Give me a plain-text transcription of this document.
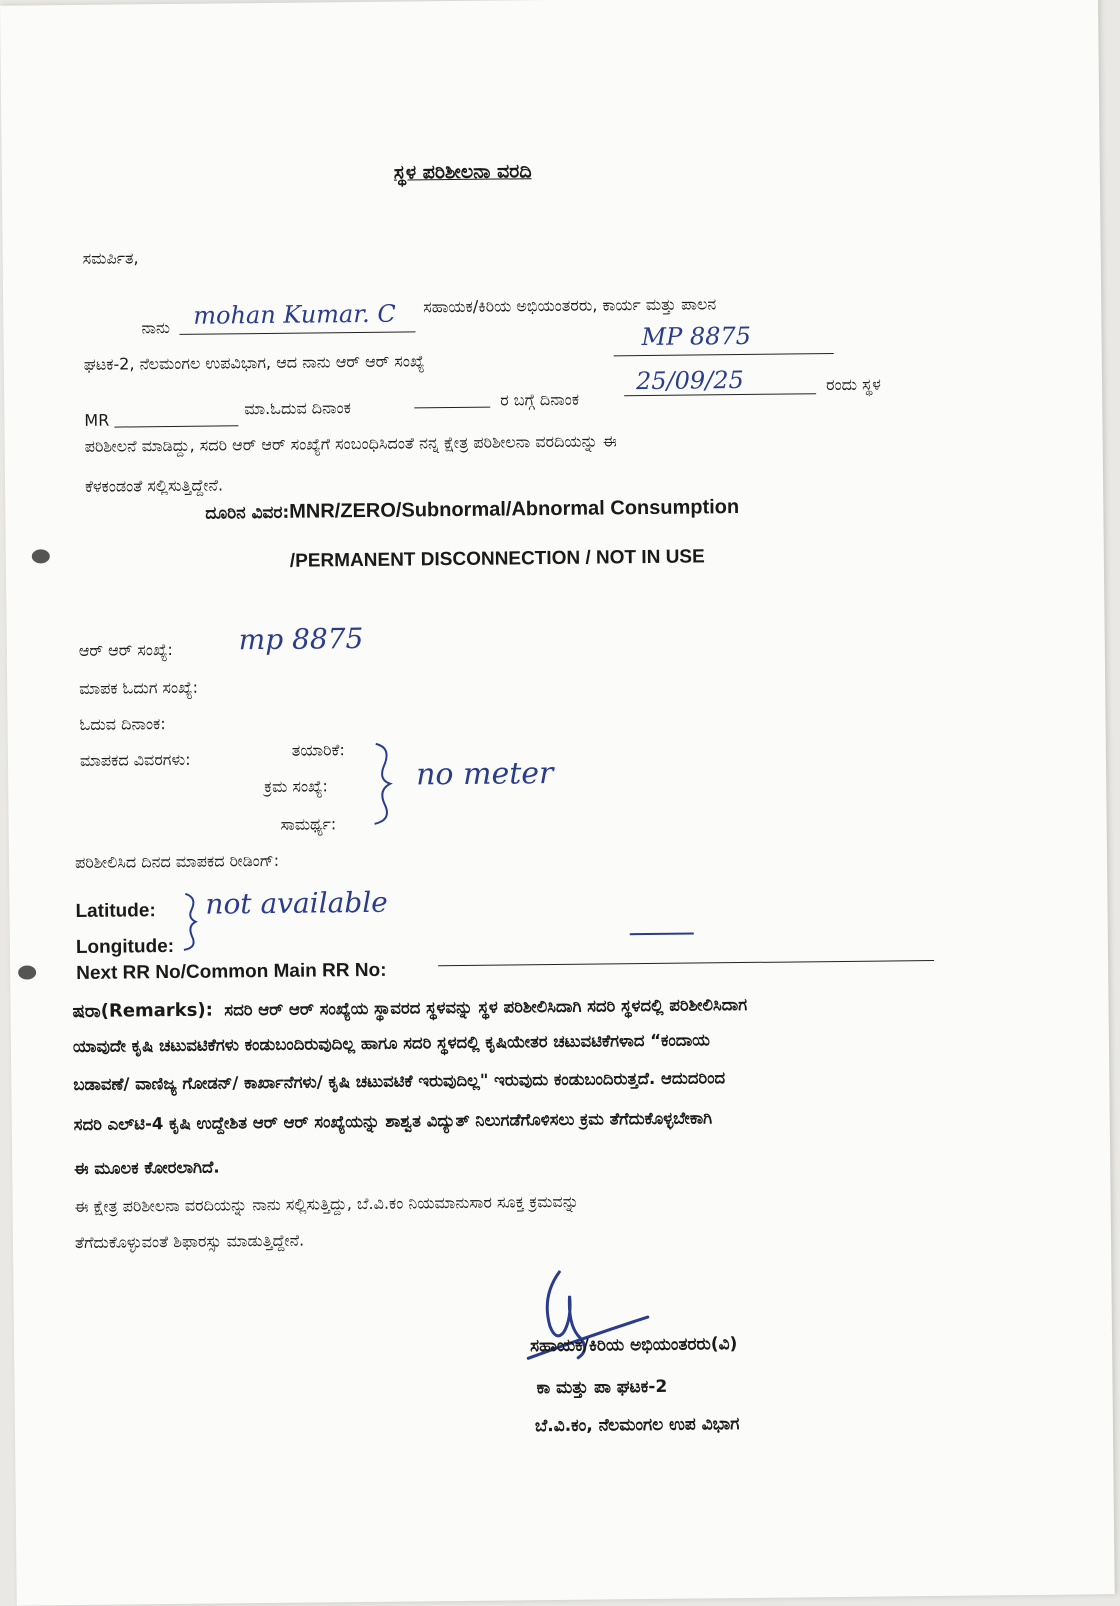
ಸ್ಥಳ ಪರಿಶೀಲನಾ ವರದಿ
ಸಮರ್ಪಿತ,
ನಾನು mohan Kumar. C ಸಹಾಯಕ/ಕಿರಿಯ ಅಭಿಯಂತರರು, ಕಾರ್ಯ ಮತ್ತು ಪಾಲನ
ಘಟಕ-2, ನೆಲಮಂಗಲ ಉಪವಿಭಾಗ, ಆದ ನಾನು ಆರ್ ಆರ್ ಸಂಖ್ಯೆ
MP 8875
MR
ಮಾ.ಓದುವ ದಿನಾಂಕ	ರ ಬಗ್ಗೆ ದಿನಾಂಕ
25/09/25	ರಂದು ಸ್ಥಳ
ಪರಿಶೀಲನೆ ಮಾಡಿದ್ದು, ಸದರಿ ಆರ್ ಆರ್ ಸಂಖ್ಯೆಗೆ ಸಂಬಂಧಿಸಿದಂತೆ ನನ್ನ ಕ್ಷೇತ್ರ ಪರಿಶೀಲನಾ ವರದಿಯನ್ನು ಈ
ಕೆಳಕಂಡಂತೆ ಸಲ್ಲಿಸುತ್ತಿದ್ದೇನೆ.
ದೂರಿನ ವಿವರ:MNR/ZERO/Subnormal/Abnormal Consumption
/PERMANENT DISCONNECTION / NOT IN USE
ಆರ್ ಆರ್ ಸಂಖ್ಯೆ: mp 8875
ಮಾಪಕ ಓದುಗ ಸಂಖ್ಯೆ:
ಓದುವ ದಿನಾಂಕ:
ಮಾಪಕದ ವಿವರಗಳು:	ತಯಾರಿಕೆ:
ಕ್ರಮ ಸಂಖ್ಯೆ:
ಸಾಮರ್ಥ್ಯ:
no meter
ಪರಿಶೀಲಿಸಿದ ದಿನದ ಮಾಪಕದ ರೀಡಿಂಗ್:
Latitude:
Longitude:
not available
Next RR No/Common Main RR No:
ಷರಾ(Remarks): ಸದರಿ ಆರ್ ಆರ್ ಸಂಖ್ಯೆಯ ಸ್ಥಾವರದ ಸ್ಥಳವನ್ನು ಸ್ಥಳ ಪರಿಶೀಲಿಸಿದಾಗಿ ಸದರಿ ಸ್ಥಳದಲ್ಲಿ ಪರಿಶೀಲಿಸಿದಾಗ
ಯಾವುದೇ ಕೃಷಿ ಚಟುವಟಿಕೆಗಳು ಕಂಡುಬಂದಿರುವುದಿಲ್ಲ ಹಾಗೂ ಸದರಿ ಸ್ಥಳದಲ್ಲಿ ಕೃಷಿಯೇತರ ಚಟುವಟಿಕೆಗಳಾದ “ಕಂದಾಯ
ಬಡಾವಣೆ/ ವಾಣಿಜ್ಯ ಗೋಡನ್/ ಕಾರ್ಖಾನೆಗಳು/ ಕೃಷಿ ಚಟುವಟಿಕೆ ಇರುವುದಿಲ್ಲ" ಇರುವುದು ಕಂಡುಬಂದಿರುತ್ತದೆ. ಆದುದರಿಂದ
ಸದರಿ ಎಲ್‌ಟಿ-4 ಕೃಷಿ ಉದ್ದೇಶಿತ ಆರ್ ಆರ್ ಸಂಖ್ಯೆಯನ್ನು ಶಾಶ್ವತ ವಿದ್ಯುತ್ ನಿಲುಗಡೆಗೊಳಿಸಲು ಕ್ರಮ ತೆಗೆದುಕೊಳ್ಳಬೇಕಾಗಿ
ಈ ಮೂಲಕ ಕೋರಲಾಗಿದೆ.
ಈ ಕ್ಷೇತ್ರ ಪರಿಶೀಲನಾ ವರದಿಯನ್ನು ನಾನು ಸಲ್ಲಿಸುತ್ತಿದ್ದು, ಬೆ.ವಿ.ಕಂ ನಿಯಮಾನುಸಾರ ಸೂಕ್ತ ಕ್ರಮವನ್ನು
ತೆಗೆದುಕೊಳ್ಳುವಂತೆ ಶಿಫಾರಸ್ಸು ಮಾಡುತ್ತಿದ್ದೇನೆ.
ಸಹಾಯಕ/ಕಿರಿಯ ಅಭಿಯಂತರರು(ವಿ)
ಕಾ ಮತ್ತು ಪಾ ಘಟಕ-2
ಬೆ.ವಿ.ಕಂ, ನೆಲಮಂಗಲ ಉಪ ವಿಭಾಗ
